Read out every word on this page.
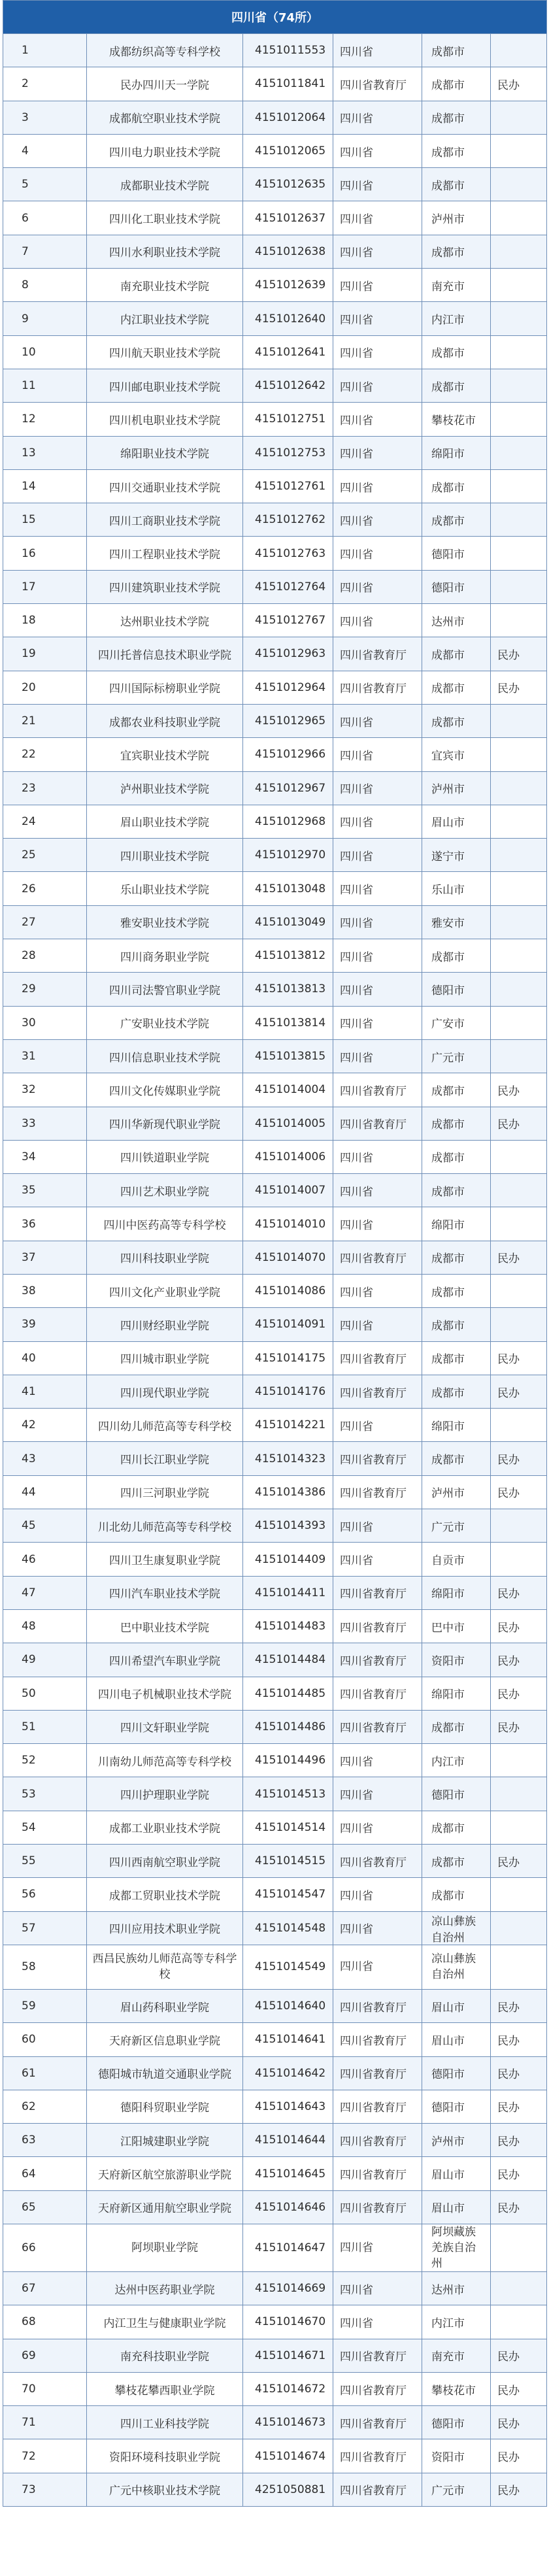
四川省（74所）					
1	成都纺织高等专科学校	4151011553	四川省	成都市	
2	民办四川天一学院	4151011841	四川省教育厅	成都市	民办
3	成都航空职业技术学院	4151012064	四川省	成都市	
4	四川电力职业技术学院	4151012065	四川省	成都市	
5	成都职业技术学院	4151012635	四川省	成都市	
6	四川化工职业技术学院	4151012637	四川省	泸州市	
7	四川水利职业技术学院	4151012638	四川省	成都市	
8	南充职业技术学院	4151012639	四川省	南充市	
9	内江职业技术学院	4151012640	四川省	内江市	
10	四川航天职业技术学院	4151012641	四川省	成都市	
11	四川邮电职业技术学院	4151012642	四川省	成都市	
12	四川机电职业技术学院	4151012751	四川省	攀枝花市	
13	绵阳职业技术学院	4151012753	四川省	绵阳市	
14	四川交通职业技术学院	4151012761	四川省	成都市	
15	四川工商职业技术学院	4151012762	四川省	成都市	
16	四川工程职业技术学院	4151012763	四川省	德阳市	
17	四川建筑职业技术学院	4151012764	四川省	德阳市	
18	达州职业技术学院	4151012767	四川省	达州市	
19	四川托普信息技术职业学院	4151012963	四川省教育厅	成都市	民办
20	四川国际标榜职业学院	4151012964	四川省教育厅	成都市	民办
21	成都农业科技职业学院	4151012965	四川省	成都市	
22	宜宾职业技术学院	4151012966	四川省	宜宾市	
23	泸州职业技术学院	4151012967	四川省	泸州市	
24	眉山职业技术学院	4151012968	四川省	眉山市	
25	四川职业技术学院	4151012970	四川省	遂宁市	
26	乐山职业技术学院	4151013048	四川省	乐山市	
27	雅安职业技术学院	4151013049	四川省	雅安市	
28	四川商务职业学院	4151013812	四川省	成都市	
29	四川司法警官职业学院	4151013813	四川省	德阳市	
30	广安职业技术学院	4151013814	四川省	广安市	
31	四川信息职业技术学院	4151013815	四川省	广元市	
32	四川文化传媒职业学院	4151014004	四川省教育厅	成都市	民办
33	四川华新现代职业学院	4151014005	四川省教育厅	成都市	民办
34	四川铁道职业学院	4151014006	四川省	成都市	
35	四川艺术职业学院	4151014007	四川省	成都市	
36	四川中医药高等专科学校	4151014010	四川省	绵阳市	
37	四川科技职业学院	4151014070	四川省教育厅	成都市	民办
38	四川文化产业职业学院	4151014086	四川省	成都市	
39	四川财经职业学院	4151014091	四川省	成都市	
40	四川城市职业学院	4151014175	四川省教育厅	成都市	民办
41	四川现代职业学院	4151014176	四川省教育厅	成都市	民办
42	四川幼儿师范高等专科学校	4151014221	四川省	绵阳市	
43	四川长江职业学院	4151014323	四川省教育厅	成都市	民办
44	四川三河职业学院	4151014386	四川省教育厅	泸州市	民办
45	川北幼儿师范高等专科学校	4151014393	四川省	广元市	
46	四川卫生康复职业学院	4151014409	四川省	自贡市	
47	四川汽车职业技术学院	4151014411	四川省教育厅	绵阳市	民办
48	巴中职业技术学院	4151014483	四川省教育厅	巴中市	民办
49	四川希望汽车职业学院	4151014484	四川省教育厅	资阳市	民办
50	四川电子机械职业技术学院	4151014485	四川省教育厅	绵阳市	民办
51	四川文轩职业学院	4151014486	四川省教育厅	成都市	民办
52	川南幼儿师范高等专科学校	4151014496	四川省	内江市	
53	四川护理职业学院	4151014513	四川省	德阳市	
54	成都工业职业技术学院	4151014514	四川省	成都市	
55	四川西南航空职业学院	4151014515	四川省教育厅	成都市	民办
56	成都工贸职业技术学院	4151014547	四川省	成都市	
57	四川应用技术职业学院	4151014548	四川省	凉山彝族自治州	
58	西昌民族幼儿师范高等专科学校	4151014549	四川省	凉山彝族自治州	
59	眉山药科职业学院	4151014640	四川省教育厅	眉山市	民办
60	天府新区信息职业学院	4151014641	四川省教育厅	眉山市	民办
61	德阳城市轨道交通职业学院	4151014642	四川省教育厅	德阳市	民办
62	德阳科贸职业学院	4151014643	四川省教育厅	德阳市	民办
63	江阳城建职业学院	4151014644	四川省教育厅	泸州市	民办
64	天府新区航空旅游职业学院	4151014645	四川省教育厅	眉山市	民办
65	天府新区通用航空职业学院	4151014646	四川省教育厅	眉山市	民办
66	阿坝职业学院	4151014647	四川省	阿坝藏族羌族自治州	
67	达州中医药职业学院	4151014669	四川省	达州市	
68	内江卫生与健康职业学院	4151014670	四川省	内江市	
69	南充科技职业学院	4151014671	四川省教育厅	南充市	民办
70	攀枝花攀西职业学院	4151014672	四川省教育厅	攀枝花市	民办
71	四川工业科技学院	4151014673	四川省教育厅	德阳市	民办
72	资阳环境科技职业学院	4151014674	四川省教育厅	资阳市	民办
73	广元中核职业技术学院	4251050881	四川省教育厅	广元市	民办
